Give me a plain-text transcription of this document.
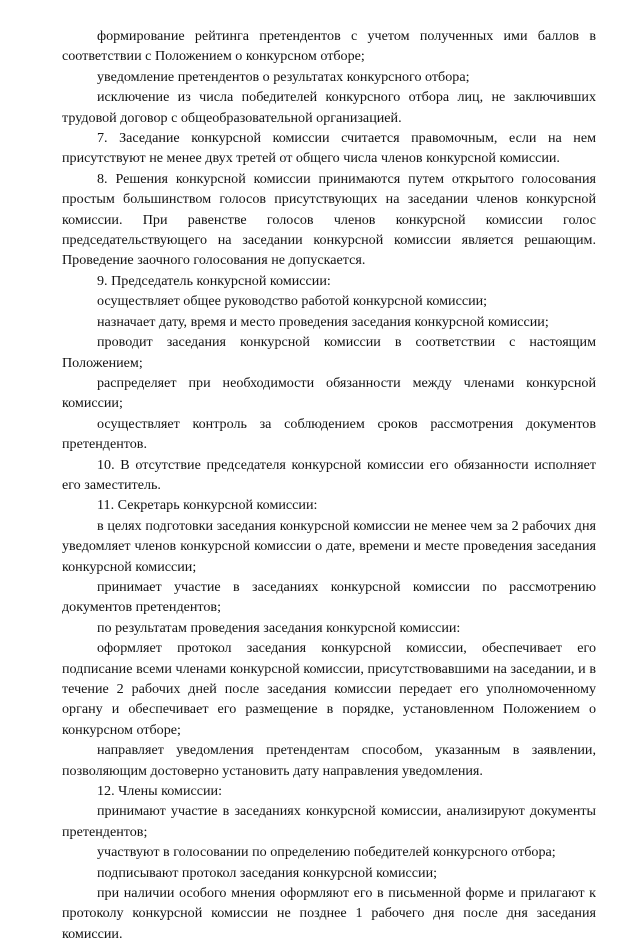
формирование рейтинга претендентов с учетом полученных ими баллов в соответствии с Положением о конкурсном отборе;

уведомление претендентов о результатах конкурсного отбора;

исключение из числа победителей конкурсного отбора лиц, не заключивших трудовой договор с общеобразовательной организацией.

7. Заседание конкурсной комиссии считается правомочным, если на нем присутствуют не менее двух третей от общего числа членов конкурсной комиссии.

8. Решения конкурсной комиссии принимаются путем открытого голосования простым большинством голосов присутствующих на заседании членов конкурсной комиссии. При равенстве голосов членов конкурсной комиссии голос председательствующего на заседании конкурсной комиссии является решающим. Проведение заочного голосования не допускается.

9. Председатель конкурсной комиссии:

осуществляет общее руководство работой конкурсной комиссии;

назначает дату, время и место проведения заседания конкурсной комиссии;

проводит заседания конкурсной комиссии в соответствии с настоящим Положением;

распределяет при необходимости обязанности между членами конкурсной комиссии;

осуществляет контроль за соблюдением сроков рассмотрения документов претендентов.

10. В отсутствие председателя конкурсной комиссии его обязанности исполняет его заместитель.

11. Секретарь конкурсной комиссии:

в целях подготовки заседания конкурсной комиссии не менее чем за 2 рабочих дня уведомляет членов конкурсной комиссии о дате, времени и месте проведения заседания конкурсной комиссии;

принимает участие в заседаниях конкурсной комиссии по рассмотрению документов претендентов;

по результатам проведения заседания конкурсной комиссии:

оформляет протокол заседания конкурсной комиссии, обеспечивает его подписание всеми членами конкурсной комиссии, присутствовавшими на заседании, и в течение 2 рабочих дней после заседания комиссии передает его уполномоченному органу и обеспечивает его размещение в порядке, установленном Положением о конкурсном отборе;

направляет уведомления претендентам способом, указанным в заявлении, позволяющим достоверно установить дату направления уведомления.

12. Члены комиссии:

принимают участие в заседаниях конкурсной комиссии, анализируют документы претендентов;

участвуют в голосовании по определению победителей конкурсного отбора;

подписывают протокол заседания конкурсной комиссии;

при наличии особого мнения оформляют его в письменной форме и прилагают к протоколу конкурсной комиссии не позднее 1 рабочего дня после дня заседания комиссии.
